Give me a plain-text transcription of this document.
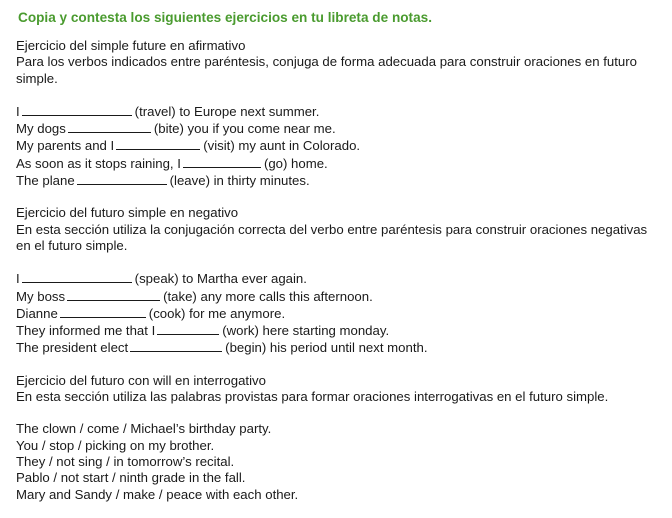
Copia y contesta los siguientes ejercicios en tu libreta de notas.
Ejercicio del simple future en afirmativo
Para los verbos indicados entre paréntesis, conjuga de forma adecuada para construir oraciones en futuro simple.
I	(travel) to Europe next summer.
My dogs	(bite) you if you come near me.
My parents and I	(visit) my aunt in Colorado.
As soon as it stops raining, I	(go) home.
The plane	(leave) in thirty minutes.
Ejercicio del futuro simple en negativo
En esta sección utiliza la conjugación correcta del verbo entre paréntesis para construir oraciones negativas en el futuro simple.
I	(speak) to Martha ever again.
My boss	(take) any more calls this afternoon.
Dianne	(cook) for me anymore.
They informed me that I	(work) here starting monday.
The president elect	(begin) his period until next month.
Ejercicio del futuro con will en interrogativo
En esta sección utiliza las palabras provistas para formar oraciones interrogativas en el futuro simple.
The clown / come / Michael’s birthday party.
You / stop / picking on my brother.
They / not sing / in tomorrow’s recital.
Pablo / not start / ninth grade in the fall.
Mary and Sandy / make / peace with each other.
